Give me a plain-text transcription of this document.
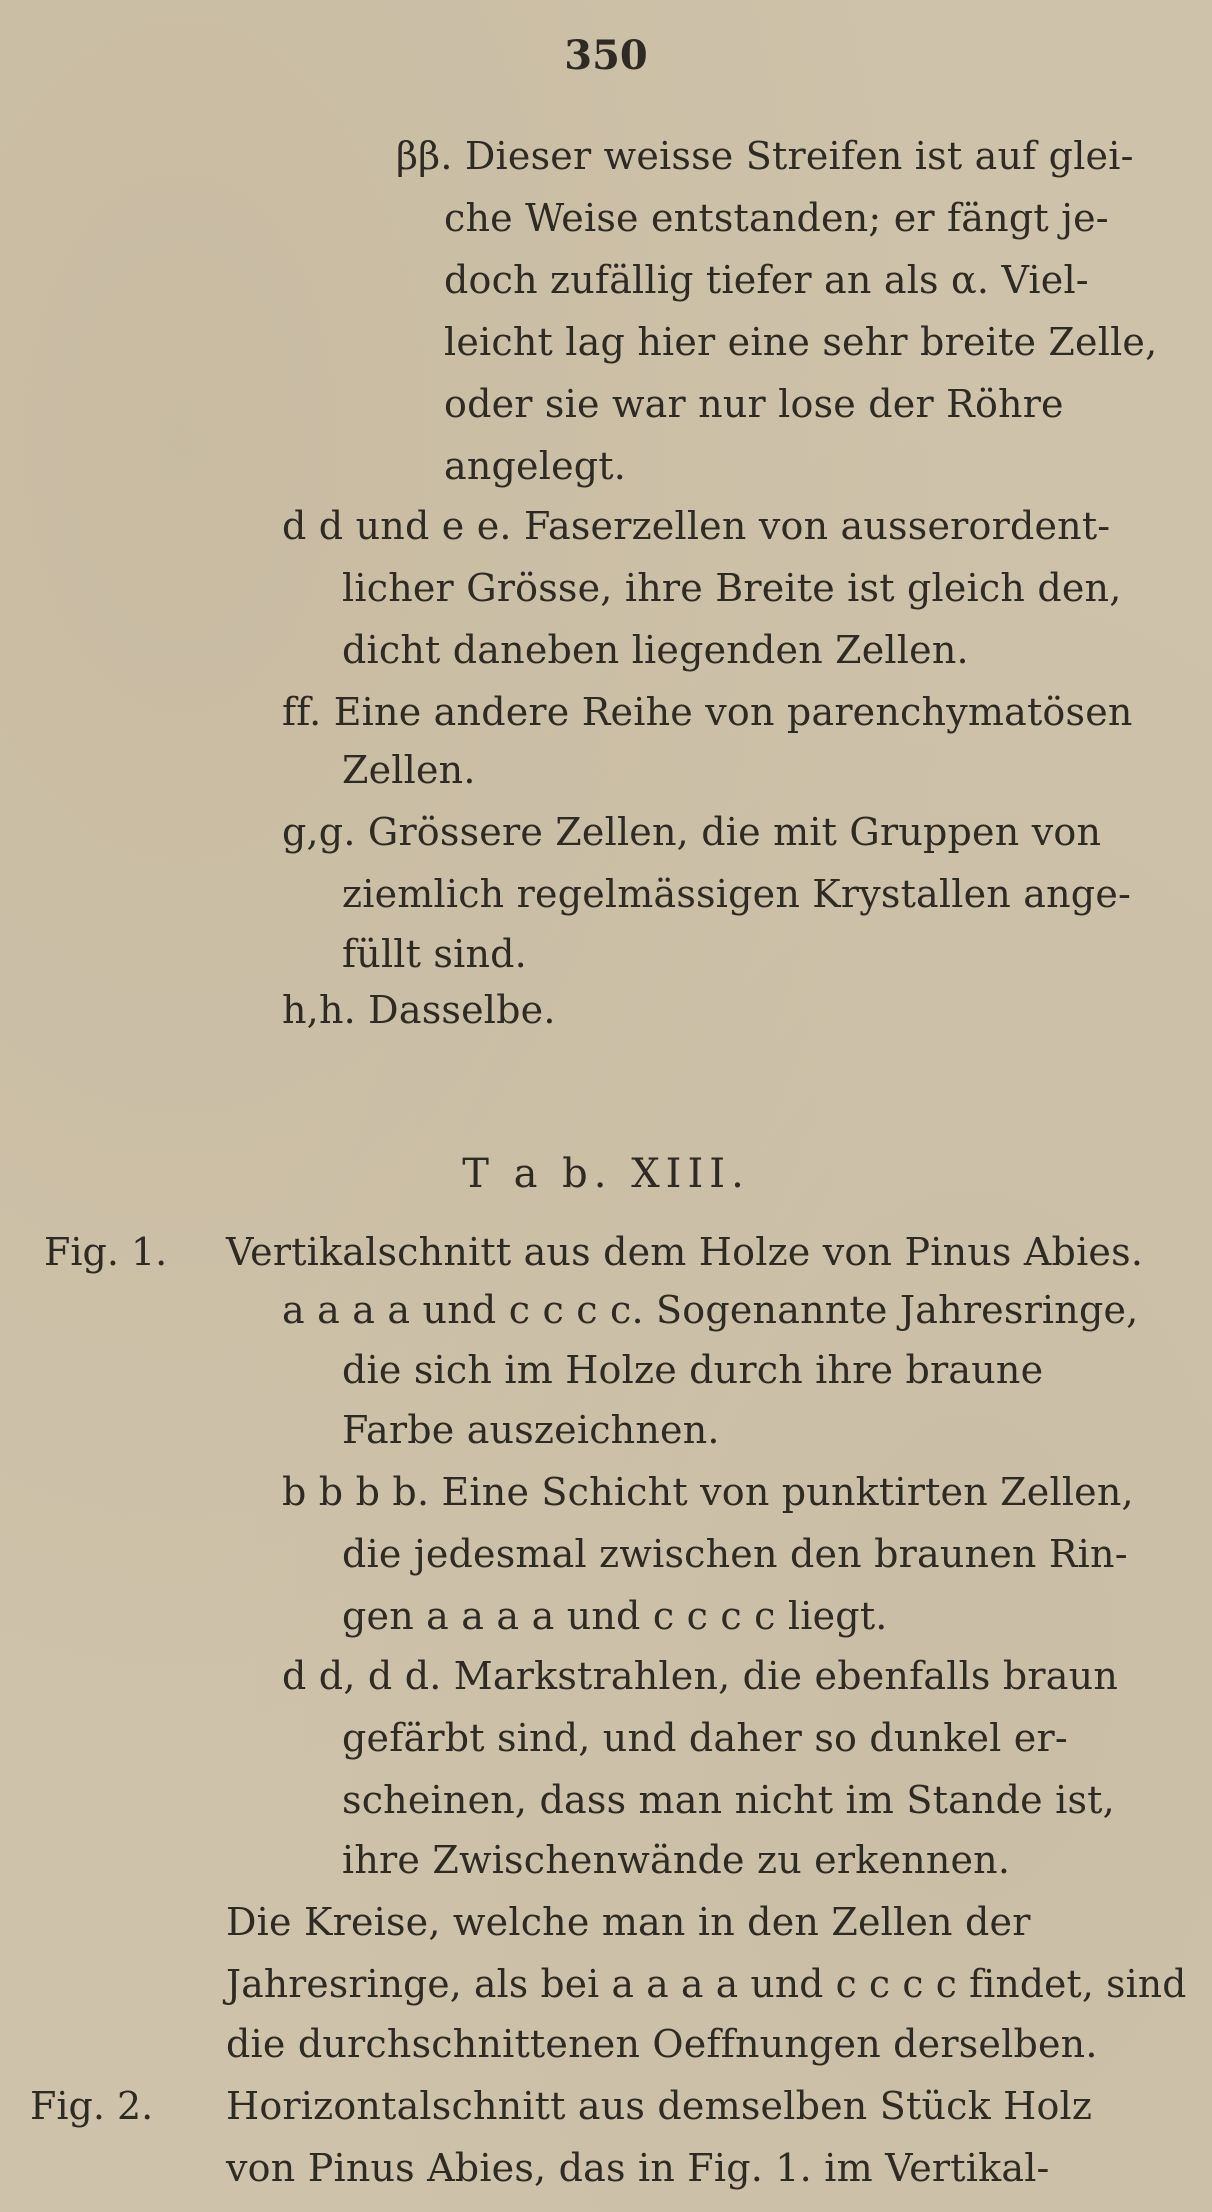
350
ββ. Dieser weisse Streifen ist auf glei-
che Weise entstanden; er fängt je-
doch zufällig tiefer an als α. Viel-
leicht lag hier eine sehr breite Zelle,
oder sie war nur lose der Röhre
angelegt.
d d und e e. Faserzellen von ausserordent-
licher Grösse, ihre Breite ist gleich den,
dicht daneben liegenden Zellen.
ff. Eine andere Reihe von parenchymatösen
Zellen.
g,g. Grössere Zellen, die mit Gruppen von
ziemlich regelmässigen Krystallen ange-
füllt sind.
h,h. Dasselbe.
T a b. XIII.
Fig. 1. Vertikalschnitt aus dem Holze von Pinus Abies.
a a a a und c c c c. Sogenannte Jahresringe,
die sich im Holze durch ihre braune
Farbe auszeichnen.
b b b b. Eine Schicht von punktirten Zellen,
die jedesmal zwischen den braunen Rin-
gen a a a a und c c c c liegt.
d d, d d. Markstrahlen, die ebenfalls braun
gefärbt sind, und daher so dunkel er-
scheinen, dass man nicht im Stande ist,
ihre Zwischenwände zu erkennen.
Die Kreise, welche man in den Zellen der
Jahresringe, als bei a a a a und c c c c findet, sind
die durchschnittenen Oeffnungen derselben.
Fig. 2. Horizontalschnitt aus demselben Stück Holz
von Pinus Abies, das in Fig. 1. im Vertikal-
